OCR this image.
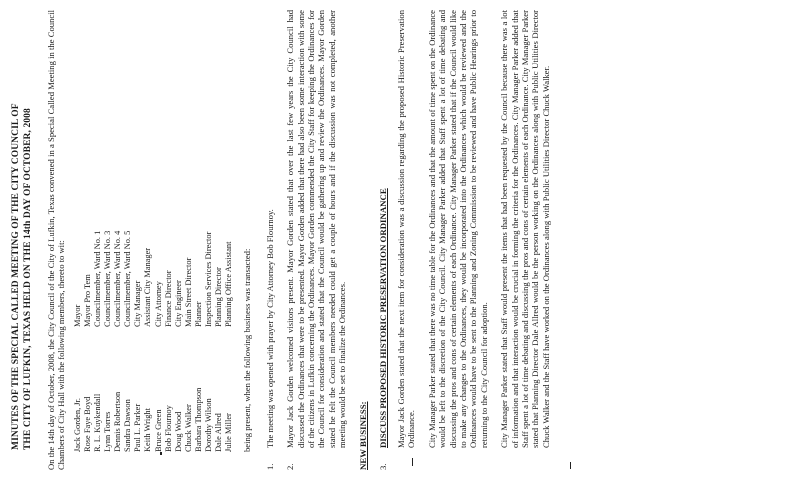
MINUTES OF THE SPECIAL CALLED MEETING OF THE CITY COUNCIL OF THE CITY OF LUFKIN, TEXAS HELD ON THE 14th DAY OF OCTOBER, 2008 On the 14th day of October, 2008, the City Council of the City of Lufkin, Texas convened in a Special Called Meeting in the Council Chambers of City Hall with the following members, thereto to wit: Jack Gorden, Jr.
Mayor
Rose Faye Boyd
Mayor Pro Tem
R. L. Kuykendall
Councilmember, Ward No. 1
Lynn Torres
Councilmember, Ward No. 3
Dennis Robertson
Councilmember, Ward No. 4
Sandra Dawson
Councilmember, Ward No. 5
Paul L. Parker
City Manager
Keith Wright
Assistant City Manager
Bruce Green
City Attorney
Bob Flournoy
Finance Director
Doug Wood
City Engineer
Chuck Walker
Main Street Director
Barbara Thompson
Planner
Dorothy Wilson
Inspection Services Director
Dale Allred
Planning Director
Julie Miller
Planning Office Assistant being present, when the following business was transacted:

1.
The meeting was opened with prayer by City Attorney Bob Flournoy.
2.
Mayor Jack Gorden welcomed visitors present. Mayor Gorden stated that over the last few years the City Council had discussed the Ordinances that were to be presented. Mayor Gorden added that there had also been some interaction with some of the citizens in Lufkin concerning the Ordinances. Mayor Gorden commended the City Staff for keeping the Ordinances for the Council for consideration and stated that the Council would be gathering up and review the Ordinances. Mayor Gorden stated he felt the Council members needed could get a couple of hours and if the discussion was not completed, another meeting would be set to finalize the Ordinances. NEW BUSINESS: 3.
DISCUSS PROPOSED HISTORIC PRESERVATION ORDINANCE Mayor Jack Gorden stated that the next item for consideration was a discussion regarding the proposed Historic Preservation Ordinance. City Manager Parker stated that there was no time table for the Ordinances and that the amount of time spent on the Ordinance would be left to the discretion of the City Council. City Manager Parker added that Staff spent a lot of time debating and discussing the pros and cons of certain elements of each Ordinance. City Manager Parker stated that if the Council would like to make any changes to the Ordinances, they would be incorporated into the Ordinances which would be reviewed and the Ordinances would have to be sent to the Planning and Zoning Commission to be reviewed and have Public Hearings prior to returning to the City Council for adoption. City Manager Parker stated that Staff would present the items that had been requested by the Council because there was a lot of information and that interaction would be crucial in forming the criteria for the Ordinances. City Manager Parker added that Staff spent a lot of time debating and discussing the pros and cons of certain elements of each Ordinance. City Manager Parker stated that Planning Director Dale Allred would be the person working on the Ordinances along with Public Utilities Director Chuck Walker and the Staff have worked on the Ordinances along with Public Utilities Director Chuck Walker.
